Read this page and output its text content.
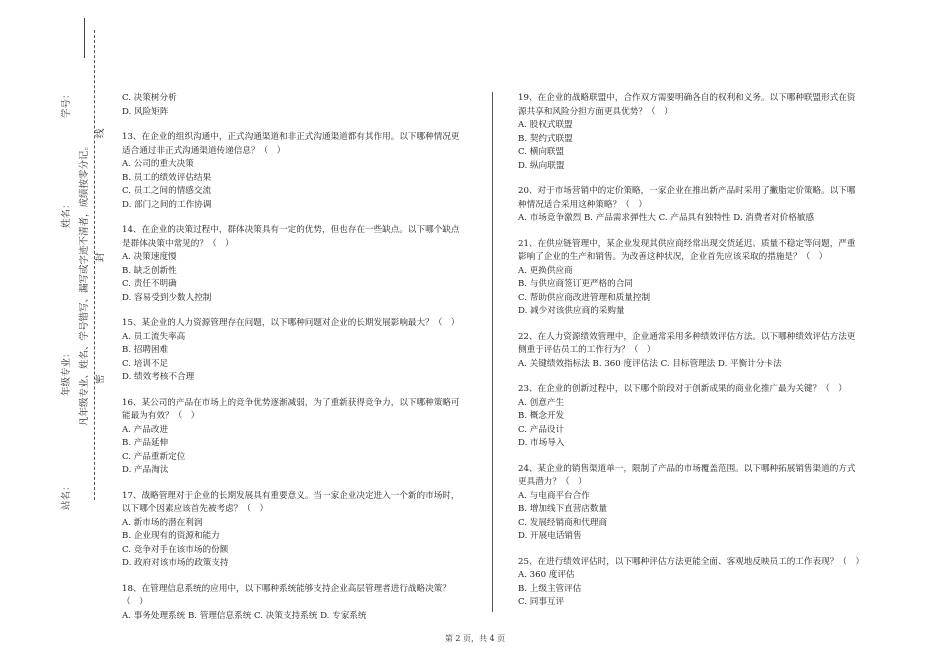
学号：
姓名：
年级专业：
站名：
凡年级专业、姓名、学号错写、漏写或字迹不清者，成绩按零分记。
线
封
密

C. 决策树分析

D. 风险矩阵

13、在企业的组织沟通中，正式沟通渠道和非正式沟通渠道都有其作用。以下哪种情况更适合通过非正式沟通渠道传递信息？（　）

A. 公司的重大决策

B. 员工的绩效评估结果

C. 员工之间的情感交流

D. 部门之间的工作协调

14、在企业的决策过程中，群体决策具有一定的优势，但也存在一些缺点。以下哪个缺点是群体决策中常见的？（　）

A. 决策速度慢

B. 缺乏创新性

C. 责任不明确

D. 容易受到少数人控制

15、某企业的人力资源管理存在问题，以下哪种问题对企业的长期发展影响最大？（　）

A. 员工流失率高

B. 招聘困难

C. 培训不足

D. 绩效考核不合理

16、某公司的产品在市场上的竞争优势逐渐减弱，为了重新获得竞争力，以下哪种策略可能最为有效？（　）

A. 产品改进

B. 产品延伸

C. 产品重新定位

D. 产品淘汰

17、战略管理对于企业的长期发展具有重要意义。当一家企业决定进入一个新的市场时，以下哪个因素应该首先被考虑？（　）

A. 新市场的潜在利润

B. 企业现有的资源和能力

C. 竞争对手在该市场的份额

D. 政府对该市场的政策支持

18、在管理信息系统的应用中，以下哪种系统能够支持企业高层管理者进行战略决策？（　）

A. 事务处理系统 B. 管理信息系统 C. 决策支持系统 D. 专家系统

19、在企业的战略联盟中，合作双方需要明确各自的权利和义务。以下哪种联盟形式在资源共享和风险分担方面更具优势？（　）

A. 股权式联盟

B. 契约式联盟

C. 横向联盟

D. 纵向联盟

20、对于市场营销中的定价策略，一家企业在推出新产品时采用了撇脂定价策略。以下哪种情况适合采用这种策略？（　）

A. 市场竞争激烈 B. 产品需求弹性大 C. 产品具有独特性 D. 消费者对价格敏感

21、在供应链管理中，某企业发现其供应商经常出现交货延迟、质量不稳定等问题，严重影响了企业的生产和销售。为改善这种状况，企业首先应该采取的措施是？（　）

A. 更换供应商

B. 与供应商签订更严格的合同

C. 帮助供应商改进管理和质量控制

D. 减少对该供应商的采购量

22、在人力资源绩效管理中，企业通常采用多种绩效评估方法。以下哪种绩效评估方法更侧重于评估员工的工作行为？（　）

A. 关键绩效指标法 B. 360 度评估法 C. 目标管理法 D. 平衡计分卡法

23、在企业的创新过程中，以下哪个阶段对于创新成果的商业化推广最为关键？（　）

A. 创意产生

B. 概念开发

C. 产品设计

D. 市场导入

24、某企业的销售渠道单一，限制了产品的市场覆盖范围。以下哪种拓展销售渠道的方式更具潜力？（　）

A. 与电商平台合作

B. 增加线下直营店数量

C. 发展经销商和代理商

D. 开展电话销售

25、在进行绩效评估时，以下哪种评估方法更能全面、客观地反映员工的工作表现？（　）

A. 360 度评估

B. 上级主管评估

C. 同事互评

第 2 页，共 4 页
